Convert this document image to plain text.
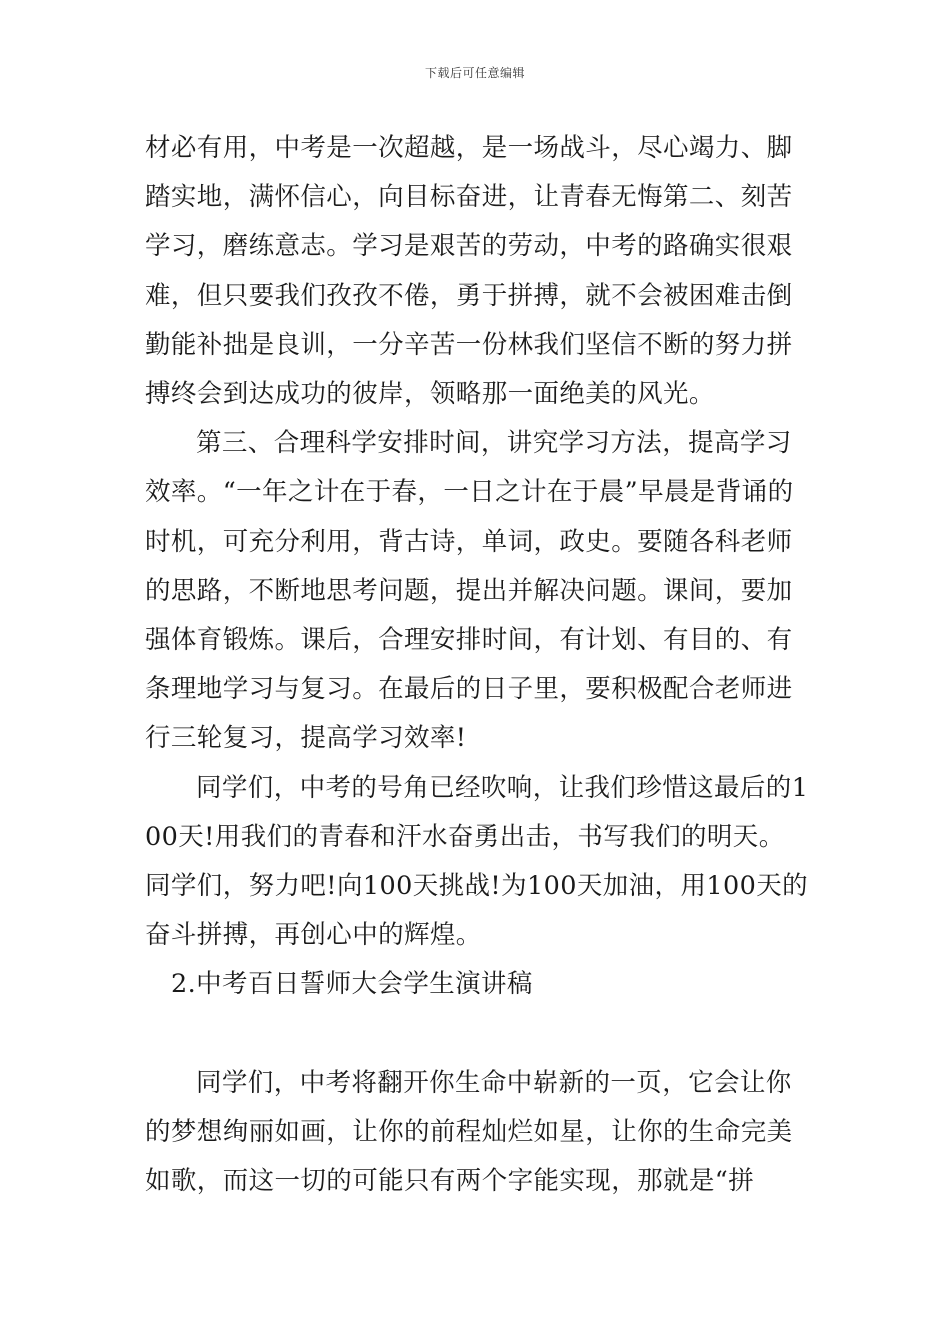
下载后可任意编辑

材必有用，中考是一次超越，是一场战斗，尽心竭力、脚踏实地，满怀信心，向目标奋进，让青春无悔第二、刻苦学习，磨练意志。学习是艰苦的劳动，中考的路确实很艰难，但只要我们孜孜不倦，勇于拼搏，就不会被困难击倒勤能补拙是良训，一分辛苦一份林我们坚信不断的努力拼搏终会到达成功的彼岸，领略那一面绝美的风光。

第三、合理科学安排时间，讲究学习方法，提高学习效率。“一年之计在于春，一日之计在于晨”早晨是背诵的时机，可充分利用，背古诗，单词，政史。要随各科老师的思路，不断地思考问题，提出并解决问题。课间，要加强体育锻炼。课后，合理安排时间，有计划、有目的、有条理地学习与复习。在最后的日子里，要积极配合老师进行三轮复习，提高学习效率!

同学们，中考的号角已经吹响，让我们珍惜这最后的100天!用我们的青春和汗水奋勇出击，书写我们的明天。同学们，努力吧!向100天挑战!为100天加油，用100天的奋斗拼搏，再创心中的辉煌。

2.中考百日誓师大会学生演讲稿

同学们，中考将翻开你生命中崭新的一页，它会让你的梦想绚丽如画，让你的前程灿烂如星，让你的生命完美如歌，而这一切的可能只有两个字能实现，那就是“拼
